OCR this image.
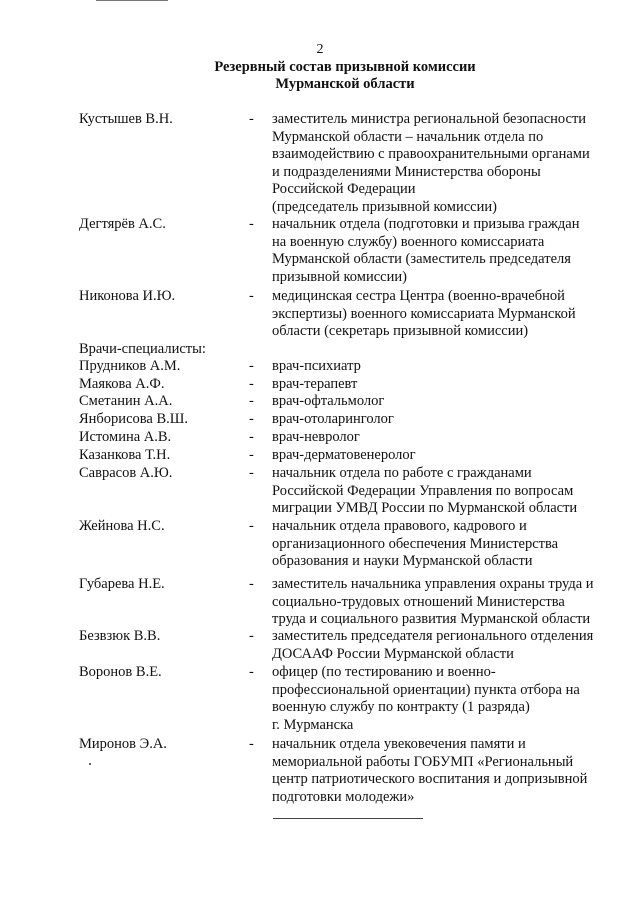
2
Резервный состав призывной комиссии
Мурманской области
Врачи-специалисты:
Кустышев В.Н.	- заместитель министра региональной безопасности
Мурманской области – начальник отдела по
взаимодействию с правоохранительными органами
и подразделениями Министерства обороны
Российской Федерации
(председатель призывной комиссии)
Дегтярёв А.С.	- начальник отдела (подготовки и призыва граждан
на военную службу) военного комиссариата
Мурманской области (заместитель председателя
призывной комиссии)
Никонова И.Ю.	- медицинская сестра Центра (военно-врачебной
экспертизы) военного комиссариата Мурманской
области (секретарь призывной комиссии)
Прудников А.М.	- врач-психиатр
Маякова А.Ф.	- врач-терапевт
Сметанин А.А.	- врач-офтальмолог
Янборисова В.Ш.	- врач-отоларинголог
Истомина А.В.	- врач-невролог
Казанкова Т.Н.	- врач-дерматовенеролог
Саврасов А.Ю.	- начальник отдела по работе с гражданами
Российской Федерации Управления по вопросам
миграции УМВД России по Мурманской области
Жейнова Н.С.	- начальник отдела правового, кадрового и
организационного обеспечения Министерства
образования и науки Мурманской области
Губарева Н.Е.	- заместитель начальника управления охраны труда и
социально-трудовых отношений Министерства
труда и социального развития Мурманской области
Безвзюк В.В.	- заместитель председателя регионального отделения
ДОСААФ России Мурманской области
Воронов В.Е.	- офицер (по тестированию и военно-
профессиональной ориентации) пункта отбора на
военную службу по контракту (1 разряда)
г. Мурманска
Миронов Э.А.	- начальник отдела увековечения памяти и
мемориальной работы ГОБУМП «Региональный
центр патриотического воспитания и допризывной
подготовки молодежи»
